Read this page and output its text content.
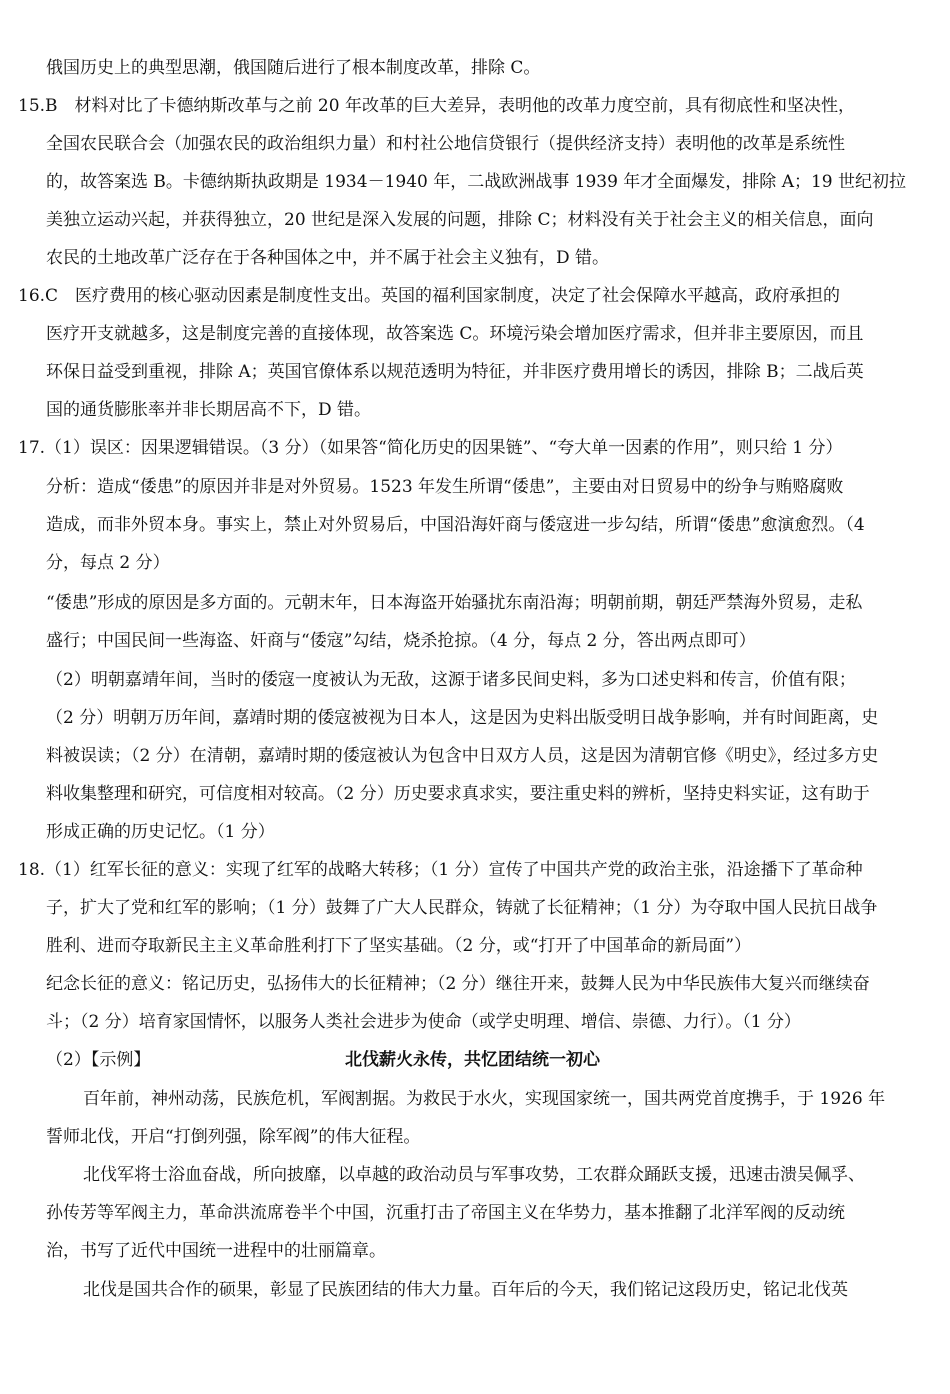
俄国历史上的典型思潮，俄国随后进行了根本制度改革，排除 C。

15.B　材料对比了卡德纳斯改革与之前 20 年改革的巨大差异，表明他的改革力度空前，具有彻底性和坚决性，

全国农民联合会（加强农民的政治组织力量）和村社公地信贷银行（提供经济支持）表明他的改革是系统性

的，故答案选 B。卡德纳斯执政期是 1934－1940 年，二战欧洲战事 1939 年才全面爆发，排除 A；19 世纪初拉

美独立运动兴起，并获得独立，20 世纪是深入发展的问题，排除 C；材料没有关于社会主义的相关信息，面向

农民的土地改革广泛存在于各种国体之中，并不属于社会主义独有，D 错。

16.C　医疗费用的核心驱动因素是制度性支出。英国的福利国家制度，决定了社会保障水平越高，政府承担的

医疗开支就越多，这是制度完善的直接体现，故答案选 C。环境污染会增加医疗需求，但并非主要原因，而且

环保日益受到重视，排除 A；英国官僚体系以规范透明为特征，并非医疗费用增长的诱因，排除 B；二战后英

国的通货膨胀率并非长期居高不下，D 错。

17.（1）误区：因果逻辑错误。（3 分）（如果答“简化历史的因果链”、“夸大单一因素的作用”，则只给 1 分）

分析：造成“倭患”的原因并非是对外贸易。1523 年发生所谓“倭患”，主要由对日贸易中的纷争与贿赂腐败

造成，而非外贸本身。事实上，禁止对外贸易后，中国沿海奸商与倭寇进一步勾结，所谓“倭患”愈演愈烈。（4

分，每点 2 分）

“倭患”形成的原因是多方面的。元朝末年，日本海盗开始骚扰东南沿海；明朝前期，朝廷严禁海外贸易，走私

盛行；中国民间一些海盗、奸商与“倭寇”勾结，烧杀抢掠。（4 分，每点 2 分，答出两点即可）

（2）明朝嘉靖年间，当时的倭寇一度被认为无敌，这源于诸多民间史料，多为口述史料和传言，价值有限；

（2 分）明朝万历年间，嘉靖时期的倭寇被视为日本人，这是因为史料出版受明日战争影响，并有时间距离，史

料被误读；（2 分）在清朝，嘉靖时期的倭寇被认为包含中日双方人员，这是因为清朝官修《明史》，经过多方史

料收集整理和研究，可信度相对较高。（2 分）历史要求真求实，要注重史料的辨析，坚持史料实证，这有助于

形成正确的历史记忆。（1 分）

18.（1）红军长征的意义：实现了红军的战略大转移；（1 分）宣传了中国共产党的政治主张，沿途播下了革命种

子，扩大了党和红军的影响；（1 分）鼓舞了广大人民群众，铸就了长征精神；（1 分）为夺取中国人民抗日战争

胜利、进而夺取新民主主义革命胜利打下了坚实基础。（2 分，或“打开了中国革命的新局面”）

纪念长征的意义：铭记历史，弘扬伟大的长征精神；（2 分）继往开来，鼓舞人民为中华民族伟大复兴而继续奋

斗；（2 分）培育家国情怀，以服务人类社会进步为使命（或学史明理、增信、崇德、力行）。（1 分）

（2）【示例】	北伐薪火永传，共忆团结统一初心

百年前，神州动荡，民族危机，军阀割据。为救民于水火，实现国家统一，国共两党首度携手，于 1926 年

誓师北伐，开启“打倒列强，除军阀”的伟大征程。

北伐军将士浴血奋战，所向披靡，以卓越的政治动员与军事攻势，工农群众踊跃支援，迅速击溃吴佩孚、

孙传芳等军阀主力，革命洪流席卷半个中国，沉重打击了帝国主义在华势力，基本推翻了北洋军阀的反动统

治，书写了近代中国统一进程中的壮丽篇章。

北伐是国共合作的硕果，彰显了民族团结的伟大力量。百年后的今天，我们铭记这段历史，铭记北伐英
